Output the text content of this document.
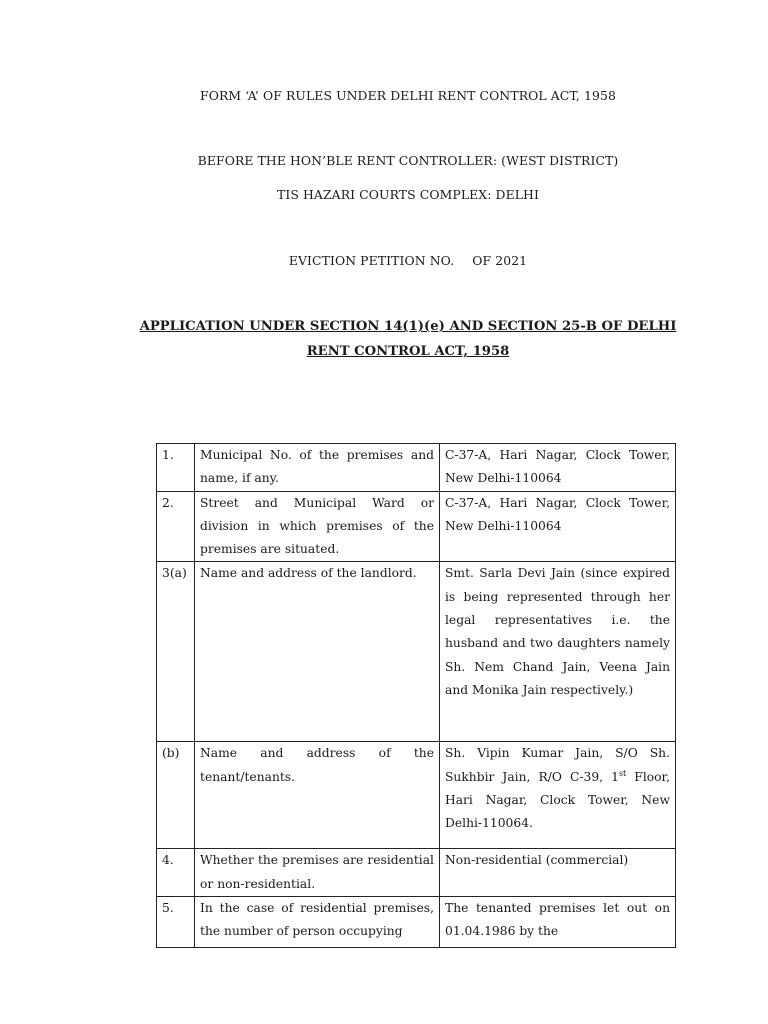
FORM ‘A’ OF RULES UNDER DELHI RENT CONTROL ACT, 1958
BEFORE THE HON’BLE RENT CONTROLLER: (WEST DISTRICT)
TIS HAZARI COURTS COMPLEX: DELHI
EVICTION PETITION NO. OF 2021
APPLICATION UNDER SECTION 14(1)(e) AND SECTION 25-B OF DELHI
RENT CONTROL ACT, 1958
1.	Municipal No. of the premises and name, if any.	C-37-A, Hari Nagar, Clock Tower, New Delhi-110064
2.	Street and Municipal Ward or division in which premises of the premises are situated.	C-37-A, Hari Nagar, Clock Tower, New Delhi-110064
3(a)	Name and address of the landlord.	Smt. Sarla Devi Jain (since expired is being represented through her legal representatives i.e. the husband and two daughters namely Sh. Nem Chand Jain, Veena Jain and Monika Jain respectively.)
(b)	Name and address of the tenant/tenants.	Sh. Vipin Kumar Jain, S/O Sh. Sukhbir Jain, R/O C-39, 1st Floor, Hari Nagar, Clock Tower, New Delhi-110064.
4.	Whether the premises are residential or non-residential.	Non-residential (commercial)
5.	In the case of residential premises, the number of person occupying	The tenanted premises let out on 01.04.1986 by the
